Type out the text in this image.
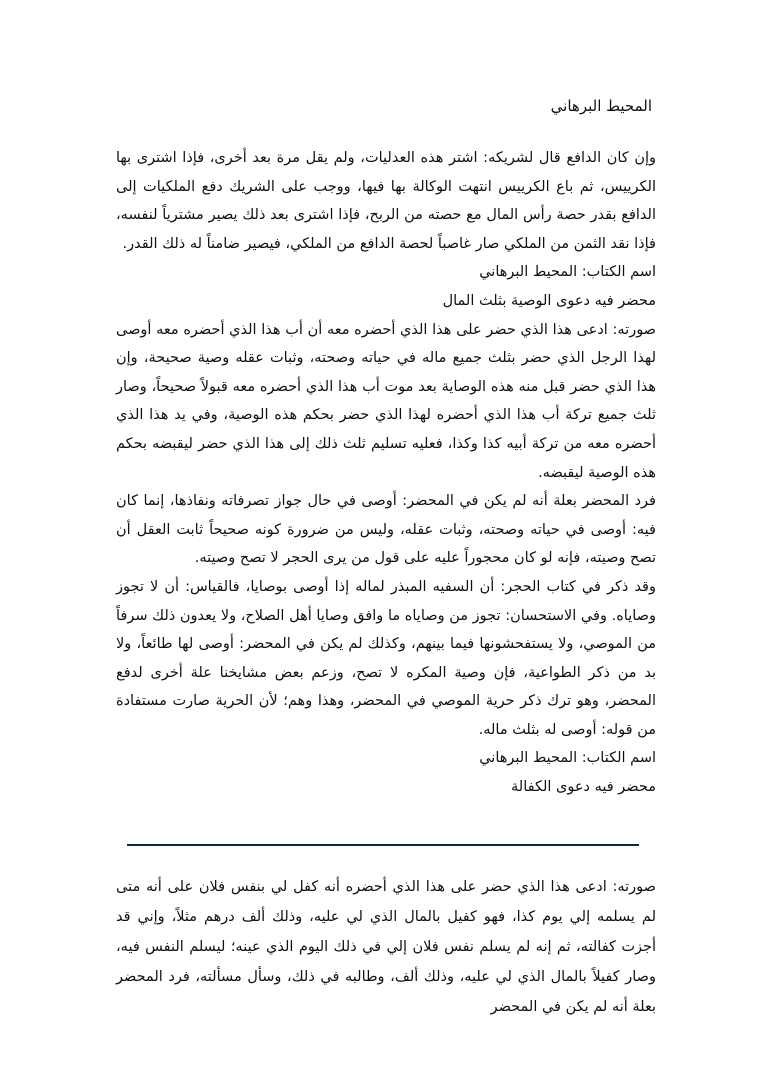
المحيط البرهاني

وإن كان الدافع قال لشريكه: اشتر هذه العدليات، ولم يقل مرة بعد أخرى، فإذا اشترى بها الكرييس، ثم باع الكرييس انتهت الوكالة بها فيها، ووجب على الشريك دفع الملكيات إلى الدافع بقدر حصة رأس المال مع حصته من الربح، فإذا اشترى بعد ذلك يصير مشترياً لنفسه، فإذا نقد الثمن من الملكي صار غاصباً لحصة الدافع من الملكي، فيصير ضامناً له ذلك القدر.

اسم الكتاب: المحيط البرهاني

محضر فيه دعوى الوصية بثلث المال

صورته: ادعى هذا الذي حضر على هذا الذي أحضره معه أن أب هذا الذي أحضره معه أوصى لهذا الرجل الذي حضر بثلث جميع ماله في حياته وصحته، وثبات عقله وصية صحيحة، وإن هذا الذي حضر قبل منه هذه الوصاية بعد موت أب هذا الذي أحضره معه قبولاً صحيحاً، وصار ثلث جميع تركة أب هذا الذي أحضره لهذا الذي حضر بحكم هذه الوصية، وفي يد هذا الذي أحضره معه من تركة أبيه كذا وكذا، فعليه تسليم ثلث ذلك إلى هذا الذي حضر ليقبضه بحكم هذه الوصية ليقبضه.

فرد المحضر بعلة أنه لم يكن في المحضر: أوصى في حال جواز تصرفاته ونفاذها، إنما كان فيه: أوصى في حياته وصحته، وثبات عقله، وليس من ضرورة كونه صحيحاً ثابت العقل أن تصح وصيته، فإنه لو كان محجوراً عليه على قول من يرى الحجر لا تصح وصيته.

وقد ذكر في كتاب الحجر: أن السفيه المبذر لماله إذا أوصى بوصايا، فالقياس: أن لا تجوز وصاياه. وفي الاستحسان: تجوز من وصاياه ما وافق وصايا أهل الصلاح، ولا يعدون ذلك سرفاً من الموصي، ولا يستفحشونها فيما بينهم، وكذلك لم يكن في المحضر: أوصى لها طائعاً، ولا بد من ذكر الطواعية، فإن وصية المكره لا تصح، وزعم بعض مشايخنا علة أخرى لدفع المحضر، وهو ترك ذكر حرية الموصي في المحضر، وهذا وهم؛ لأن الحرية صارت مستفادة من قوله: أوصى له بثلث ماله.

اسم الكتاب: المحيط البرهاني

محضر فيه دعوى الكفالة

صورته: ادعى هذا الذي حضر على هذا الذي أحضره أنه كفل لي بنفس فلان على أنه متى لم يسلمه إلي يوم كذا، فهو كفيل بالمال الذي لي عليه، وذلك ألف درهم مثلاً، وإني قد أجزت كفالته، ثم إنه لم يسلم نفس فلان إلي في ذلك اليوم الذي عينه؛ ليسلم النفس فيه، وصار كفيلاً بالمال الذي لي عليه، وذلك ألف، وطالبه في ذلك، وسأل مسألته، فرد المحضر بعلة أنه لم يكن في المحضر
